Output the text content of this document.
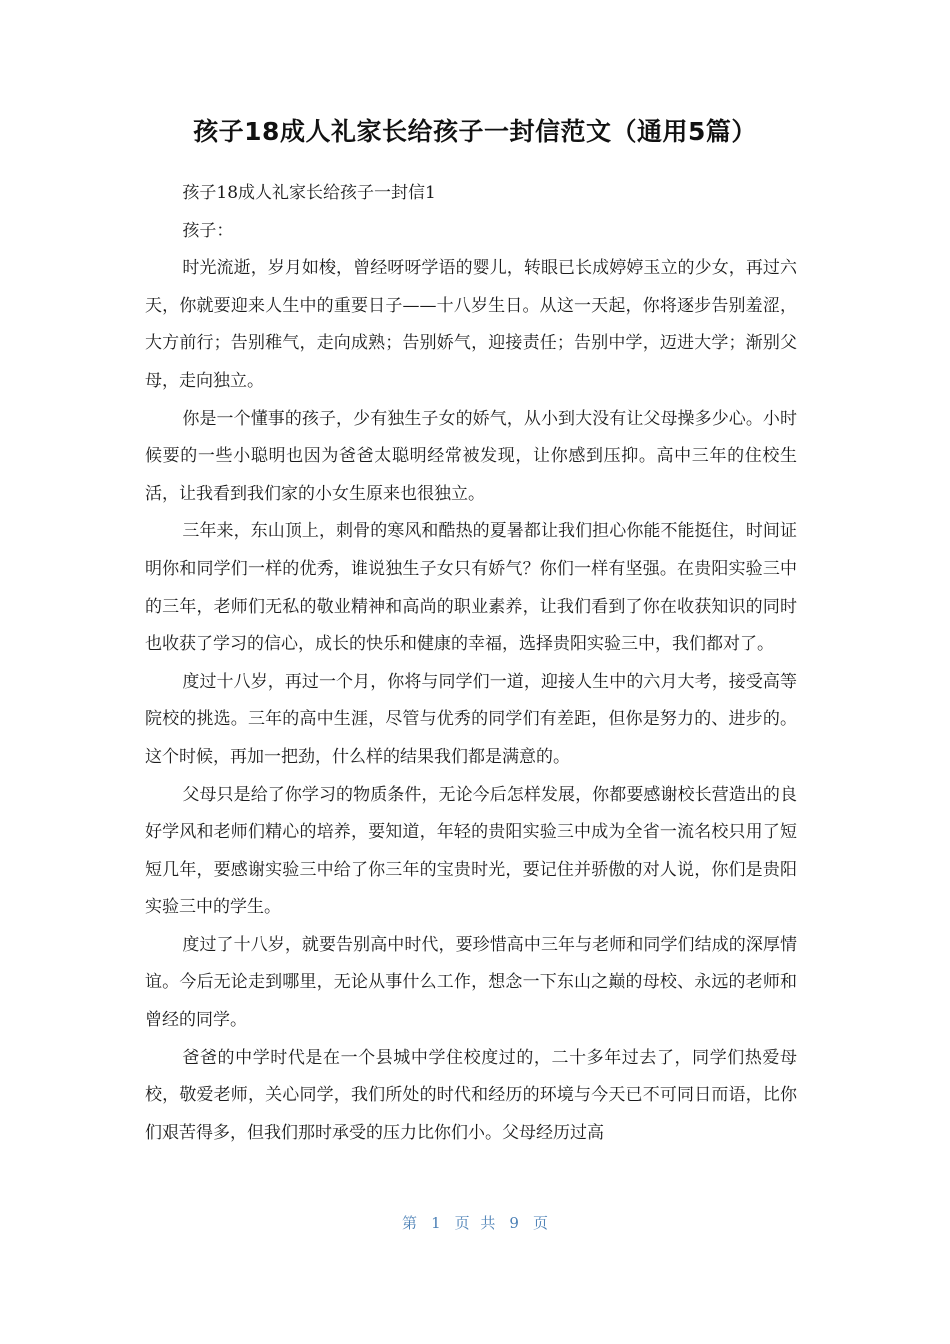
孩子18成人礼家长给孩子一封信范文（通用5篇）

孩子18成人礼家长给孩子一封信1

孩子：

时光流逝，岁月如梭，曾经呀呀学语的婴儿，转眼已长成婷婷玉立的少女，再过六天，你就要迎来人生中的重要日子——十八岁生日。从这一天起，你将逐步告别羞涩，大方前行；告别稚气，走向成熟；告别娇气，迎接责任；告别中学，迈进大学；渐别父母，走向独立。

你是一个懂事的孩子，少有独生子女的娇气，从小到大没有让父母操多少心。小时候要的一些小聪明也因为爸爸太聪明经常被发现，让你感到压抑。高中三年的住校生活，让我看到我们家的小女生原来也很独立。

三年来，东山顶上，刺骨的寒风和酷热的夏暑都让我们担心你能不能挺住，时间证明你和同学们一样的优秀，谁说独生子女只有娇气？你们一样有坚强。在贵阳实验三中的三年，老师们无私的敬业精神和高尚的职业素养，让我们看到了你在收获知识的同时也收获了学习的信心，成长的快乐和健康的幸福，选择贵阳实验三中，我们都对了。

度过十八岁，再过一个月，你将与同学们一道，迎接人生中的六月大考，接受高等院校的挑选。三年的高中生涯，尽管与优秀的同学们有差距，但你是努力的、进步的。这个时候，再加一把劲，什么样的结果我们都是满意的。

父母只是给了你学习的物质条件，无论今后怎样发展，你都要感谢校长营造出的良好学风和老师们精心的培养，要知道，年轻的贵阳实验三中成为全省一流名校只用了短短几年，要感谢实验三中给了你三年的宝贵时光，要记住并骄傲的对人说，你们是贵阳实验三中的学生。

度过了十八岁，就要告别高中时代，要珍惜高中三年与老师和同学们结成的深厚情谊。今后无论走到哪里，无论从事什么工作，想念一下东山之巅的母校、永远的老师和曾经的同学。

爸爸的中学时代是在一个县城中学住校度过的，二十多年过去了，同学们热爱母校，敬爱老师，关心同学，我们所处的时代和经历的环境与今天已不可同日而语，比你们艰苦得多，但我们那时承受的压力比你们小。父母经历过高

第 1 页 共 9 页
